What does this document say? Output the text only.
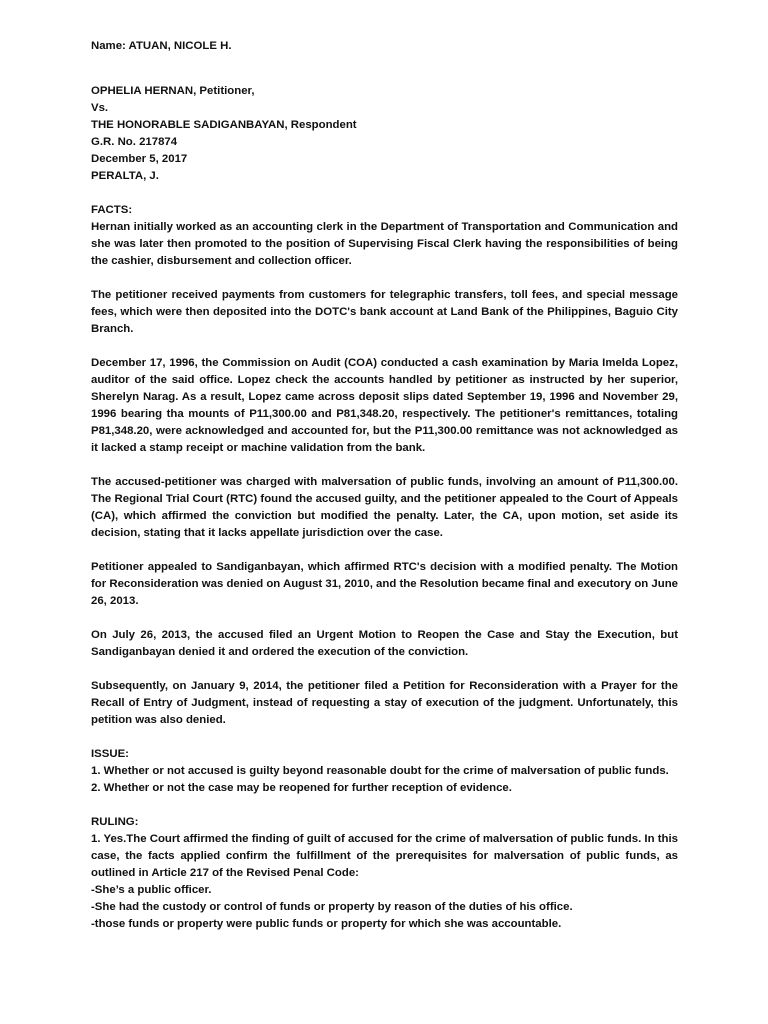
Name: ATUAN, NICOLE H.
OPHELIA HERNAN, Petitioner,
Vs.
THE HONORABLE SADIGANBAYAN, Respondent
G.R. No. 217874
December 5, 2017
PERALTA, J.
FACTS:

Hernan initially worked as an accounting clerk in the Department of Transportation and Communication and she was later then promoted to the position of Supervising Fiscal Clerk having the responsibilities of being the cashier, disbursement and collection officer.

The petitioner received payments from customers for telegraphic transfers, toll fees, and special message fees, which were then deposited into the DOTC's bank account at Land Bank of the Philippines, Baguio City Branch.

December 17, 1996, the Commission on Audit (COA) conducted a cash examination by Maria Imelda Lopez, auditor of the said office. Lopez check the accounts handled by petitioner as instructed by her superior, Sherelyn Narag. As a result, Lopez came across deposit slips dated September 19, 1996 and November 29, 1996 bearing tha mounts of P11,300.00 and P81,348.20, respectively. The petitioner's remittances, totaling P81,348.20, were acknowledged and accounted for, but the P11,300.00 remittance was not acknowledged as it lacked a stamp receipt or machine validation from the bank.

The accused-petitioner was charged with malversation of public funds, involving an amount of P11,300.00. The Regional Trial Court (RTC) found the accused guilty, and the petitioner appealed to the Court of Appeals (CA), which affirmed the conviction but modified the penalty. Later, the CA, upon motion, set aside its decision, stating that it lacks appellate jurisdiction over the case.

Petitioner appealed to Sandiganbayan, which affirmed RTC's decision with a modified penalty. The Motion for Reconsideration was denied on August 31, 2010, and the Resolution became final and executory on June 26, 2013.

On July 26, 2013, the accused filed an Urgent Motion to Reopen the Case and Stay the Execution, but Sandiganbayan denied it and ordered the execution of the conviction.

Subsequently, on January 9, 2014, the petitioner filed a Petition for Reconsideration with a Prayer for the Recall of Entry of Judgment, instead of requesting a stay of execution of the judgment. Unfortunately, this petition was also denied.

ISSUE:
1. Whether or not accused is guilty beyond reasonable doubt for the crime of malversation of public funds.
2. Whether or not the case may be reopened for further reception of evidence.
RULING:

1. Yes.The Court affirmed the finding of guilt of accused for the crime of malversation of public funds. In this case, the facts applied confirm the fulfillment of the prerequisites for malversation of public funds, as outlined in Article 217 of the Revised Penal Code:

-She’s a public officer.
-She had the custody or control of funds or property by reason of the duties of his office.
-those funds or property were public funds or property for which she was accountable.
